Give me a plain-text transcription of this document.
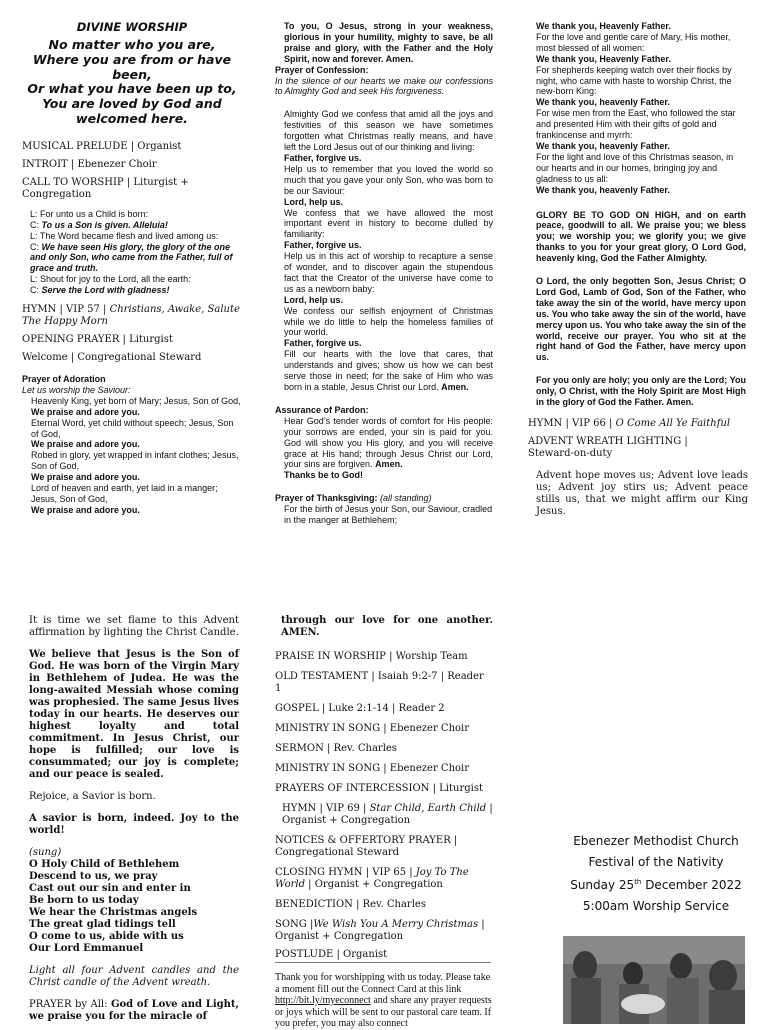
DIVINE WORSHIP
No matter who you are,
Where you are from or have been,
Or what you have been up to,
You are loved by God and welcomed here.
MUSICAL PRELUDE | Organist
INTROIT | Ebenezer Choir
CALL TO WORSHIP | Liturgist + Congregation
L: For unto us a Child is born:
C: To us a Son is given. Alleluia!
L: The Word became flesh and lived among us:
C: We have seen His glory, the glory of the one and only Son, who came from the Father, full of grace and truth.
L: Shout for joy to the Lord, all the earth:
C: Serve the Lord with gladness!
HYMN | VIP 57 | Christians, Awake, Salute The Happy Morn
OPENING PRAYER | Liturgist
Welcome | Congregational Steward
Prayer of Adoration
Let us worship the Saviour:
Heavenly King, yet born of Mary; Jesus, Son of God,
We praise and adore you.
Eternal Word, yet child without speech; Jesus, Son of God,
We praise and adore you.
Robed in glory, yet wrapped in infant clothes; Jesus, Son of God,
We praise and adore you.
Lord of heaven and earth, yet laid in a manger; Jesus, Son of God,
We praise and adore you.
To you, O Jesus, strong in your weakness, glorious in your humility, mighty to save, be all praise and glory, with the Father and the Holy Spirit, now and forever. Amen.
Prayer of Confession:
In the silence of our hearts we make our confessions to Almighty God and seek His forgiveness.
Almighty God we confess that amid all the joys and festivities of this season we have sometimes forgotten what Christmas really means, and have left the Lord Jesus out of our thinking and living:
Father, forgive us.
Help us to remember that you loved the world so much that you gave your only Son, who was born to be our Saviour:
Lord, help us.
We confess that we have allowed the most important event in history to become dulled by familiarity:
Father, forgive us.
Help us in this act of worship to recapture a sense of wonder, and to discover again the stupendous fact that the Creator of the universe have come to us as a newborn baby:
Lord, help us.
We confess our selfish enjoyment of Christmas while we do little to help the homeless families of your world.
Father, forgive us.
Fill our hearts with the love that cares, that understands and gives; show us how we can best serve those in need; for the sake of Him who was born in a stable, Jesus Christ our Lord. Amen.
Assurance of Pardon:
Hear God’s tender words of comfort for His people: your sorrows are ended, your sin is paid for you. God will show you His glory, and you will receive grace at His hand; through Jesus Christ our Lord, your sins are forgiven. Amen.
Thanks be to God!
Prayer of Thanksgiving: (all standing)
For the birth of Jesus your Son, our Saviour, cradled in the manger at Bethlehem;
We thank you, Heavenly Father.
For the love and gentle care of Mary, His mother, most blessed of all women:
We thank you, Heavenly Father.
For shepherds keeping watch over their flocks by night, who came with haste to worship Christ, the new-born King:
We thank you, heavenly Father.
For wise men from the East, who followed the star and presented Him with their gifts of gold and frankincense and myrrh:
We thank you, heavenly Father.
For the light and love of this Christmas season, in our hearts and in our homes, bringing joy and gladness to us all:
We thank you, heavenly Father.
GLORY BE TO GOD ON HIGH, and on earth peace, goodwill to all. We praise you; we bless you; we worship you; we glorify you; we give thanks to you for your great glory, O Lord God, heavenly king, God the Father Almighty.
O Lord, the only begotten Son, Jesus Christ; O Lord God, Lamb of God, Son of the Father, who take away the sin of the world, have mercy upon us. You who take away the sin of the world, have mercy upon us. You who take away the sin of the world, receive our prayer. You who sit at the right hand of God the Father, have mercy upon us.
For you only are holy; you only are the Lord; You only, O Christ, with the Holy Spirit are Most High in the glory of God the Father. Amen.
HYMN | VIP 66 | O Come All Ye Faithful
ADVENT WREATH LIGHTING | Steward-on-duty
Advent hope moves us; Advent love leads us; Advent joy stirs us; Advent peace stills us, that we might affirm our King Jesus.
It is time we set flame to this Advent affirmation by lighting the Christ Candle.
We believe that Jesus is the Son of God. He was born of the Virgin Mary in Bethlehem of Judea. He was the long-awaited Messiah whose coming was prophesied. The same Jesus lives today in our hearts. He deserves our highest loyalty and total commitment. In Jesus Christ, our hope is fulfilled; our love is consummated; our joy is complete; and our peace is sealed.
Rejoice, a Savior is born.
A savior is born, indeed. Joy to the world!
(sung)
O Holy Child of Bethlehem
Descend to us, we pray
Cast out our sin and enter in
Be born to us today
We hear the Christmas angels
The great glad tidings tell
O come to us, abide with us
Our Lord Emmanuel
Light all four Advent candles and the Christ candle of the Advent wreath.
PRAYER by All: God of Love and Light, we praise you for the miracle of
through our love for one another. AMEN.
PRAISE IN WORSHIP | Worship Team
OLD TESTAMENT | Isaiah 9:2-7 | Reader 1
GOSPEL | Luke 2:1-14 | Reader 2
MINISTRY IN SONG | Ebenezer Choir
SERMON | Rev. Charles
MINISTRY IN SONG | Ebenezer Choir
PRAYERS OF INTERCESSION | Liturgist
HYMN | VIP 69 | Star Child, Earth Child | Organist + Congregation
NOTICES & OFFERTORY PRAYER | Congregational Steward
CLOSING HYMN | VIP 65 | Joy To The World | Organist + Congregation
BENEDICTION | Rev. Charles
SONG |We Wish You A Merry Christmas | Organist + Congregation
POSTLUDE | Organist
Thank you for worshipping with us today. Please take a moment fill out the Connect Card at this link http://bit.ly/myeconnect and share any prayer requests or joys which will be sent to our pastoral care team. If you prefer, you may also connect
Ebenezer Methodist Church
Festival of the Nativity
Sunday 25th December 2022
5:00am Worship Service
